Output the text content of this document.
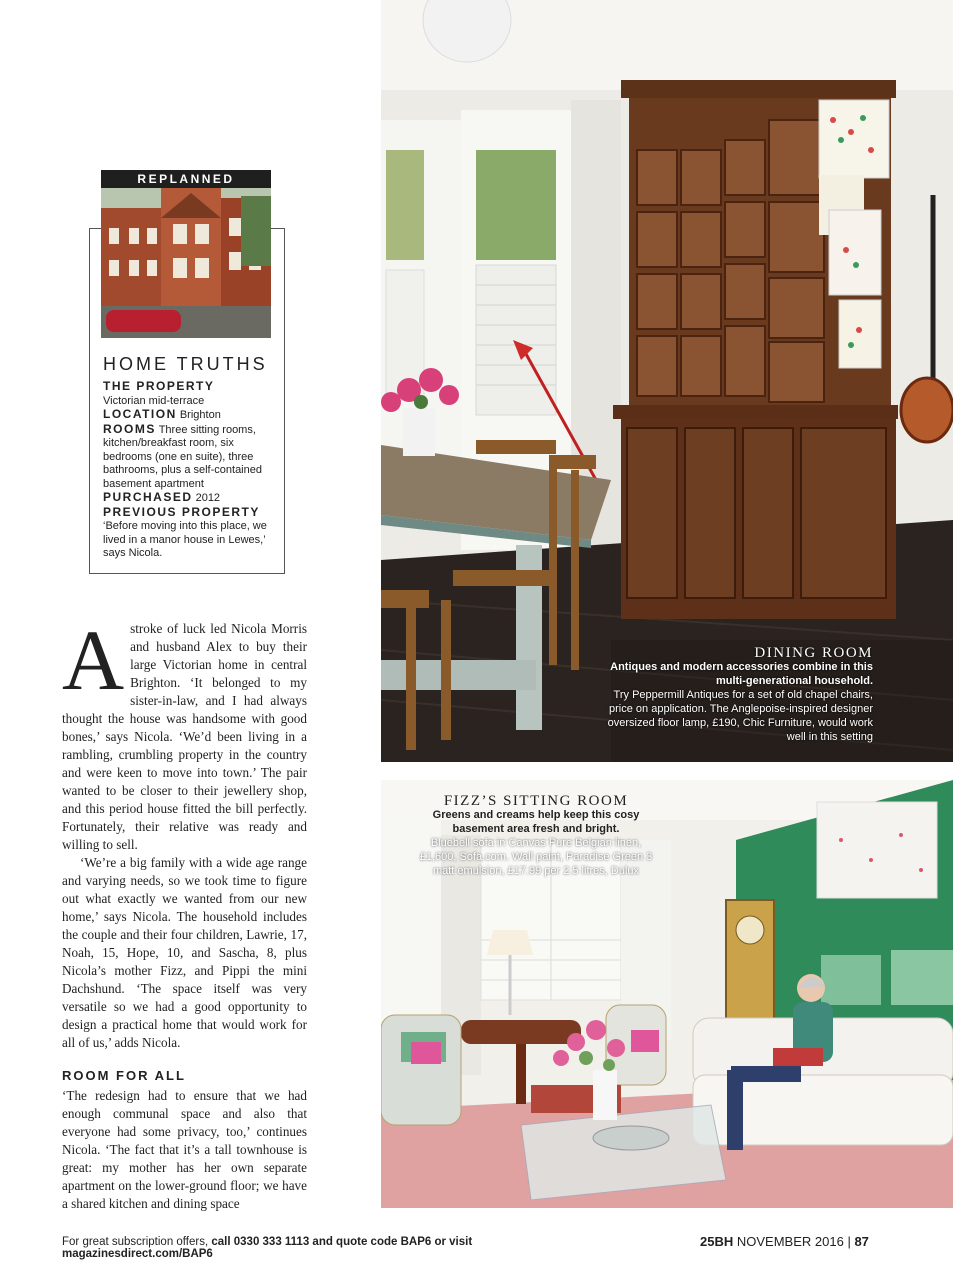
DINING ROOM
Antiques and modern accessories combine in this multi-generational household.
Try Peppermill Antiques for a set of old chapel chairs, price on application. The Anglepoise-inspired designer oversized floor lamp, £190, Chic Furniture, would work well in this setting
FIZZ’S SITTING ROOM
Greens and creams help keep this cosy basement area fresh and bright.
Bluebell sofa in Canvas Pure Belgian linen, £1,600, Sofa.com. Wall paint, Paradise Green 3 matt emulsion, £17.99 per 2.5 litres, Dulux
REPLANNED
HOME TRUTHS
THE PROPERTY
Victorian mid-terrace
LOCATION Brighton
ROOMS Three sitting rooms, kitchen/breakfast room, six bedrooms (one en suite), three bathrooms, plus a self-contained basement apartment
PURCHASED 2012
PREVIOUS PROPERTY
‘Before moving into this place, we lived in a manor house in Lewes,’ says Nicola.
A stroke of luck led Nicola Morris and husband Alex to buy their large Victorian home in central Brighton. ‘It belonged to my sister-in-law, and I had always thought the house was handsome with good bones,’ says Nicola. ‘We’d been living in a rambling, crumbling property in the country and were keen to move into town.’ The pair wanted to be closer to their jewellery shop, and this period house fitted the bill perfectly. Fortunately, their relative was ready and willing to sell.

‘We’re a big family with a wide age range and varying needs, so we took time to figure out what exactly we wanted from our new home,’ says Nicola. The household includes the couple and their four children, Lawrie, 17, Noah, 15, Hope, 10, and Sascha, 8, plus Nicola’s mother Fizz, and Pippi the mini Dachshund. ‘The space itself was very versatile so we had a good opportunity to design a practical home that would work for all of us,’ adds Nicola.

ROOM FOR ALL

‘The redesign had to ensure that we had enough communal space and also that everyone had some privacy, too,’ continues Nicola. ‘The fact that it’s a tall townhouse is great: my mother has her own separate apartment on the lower-ground floor; we have a shared kitchen and dining space

For great subscription offers, call 0330 333 1113 and quote code BAP6 or visit magazinesdirect.com/BAP6
25BH NOVEMBER 2016 | 87
